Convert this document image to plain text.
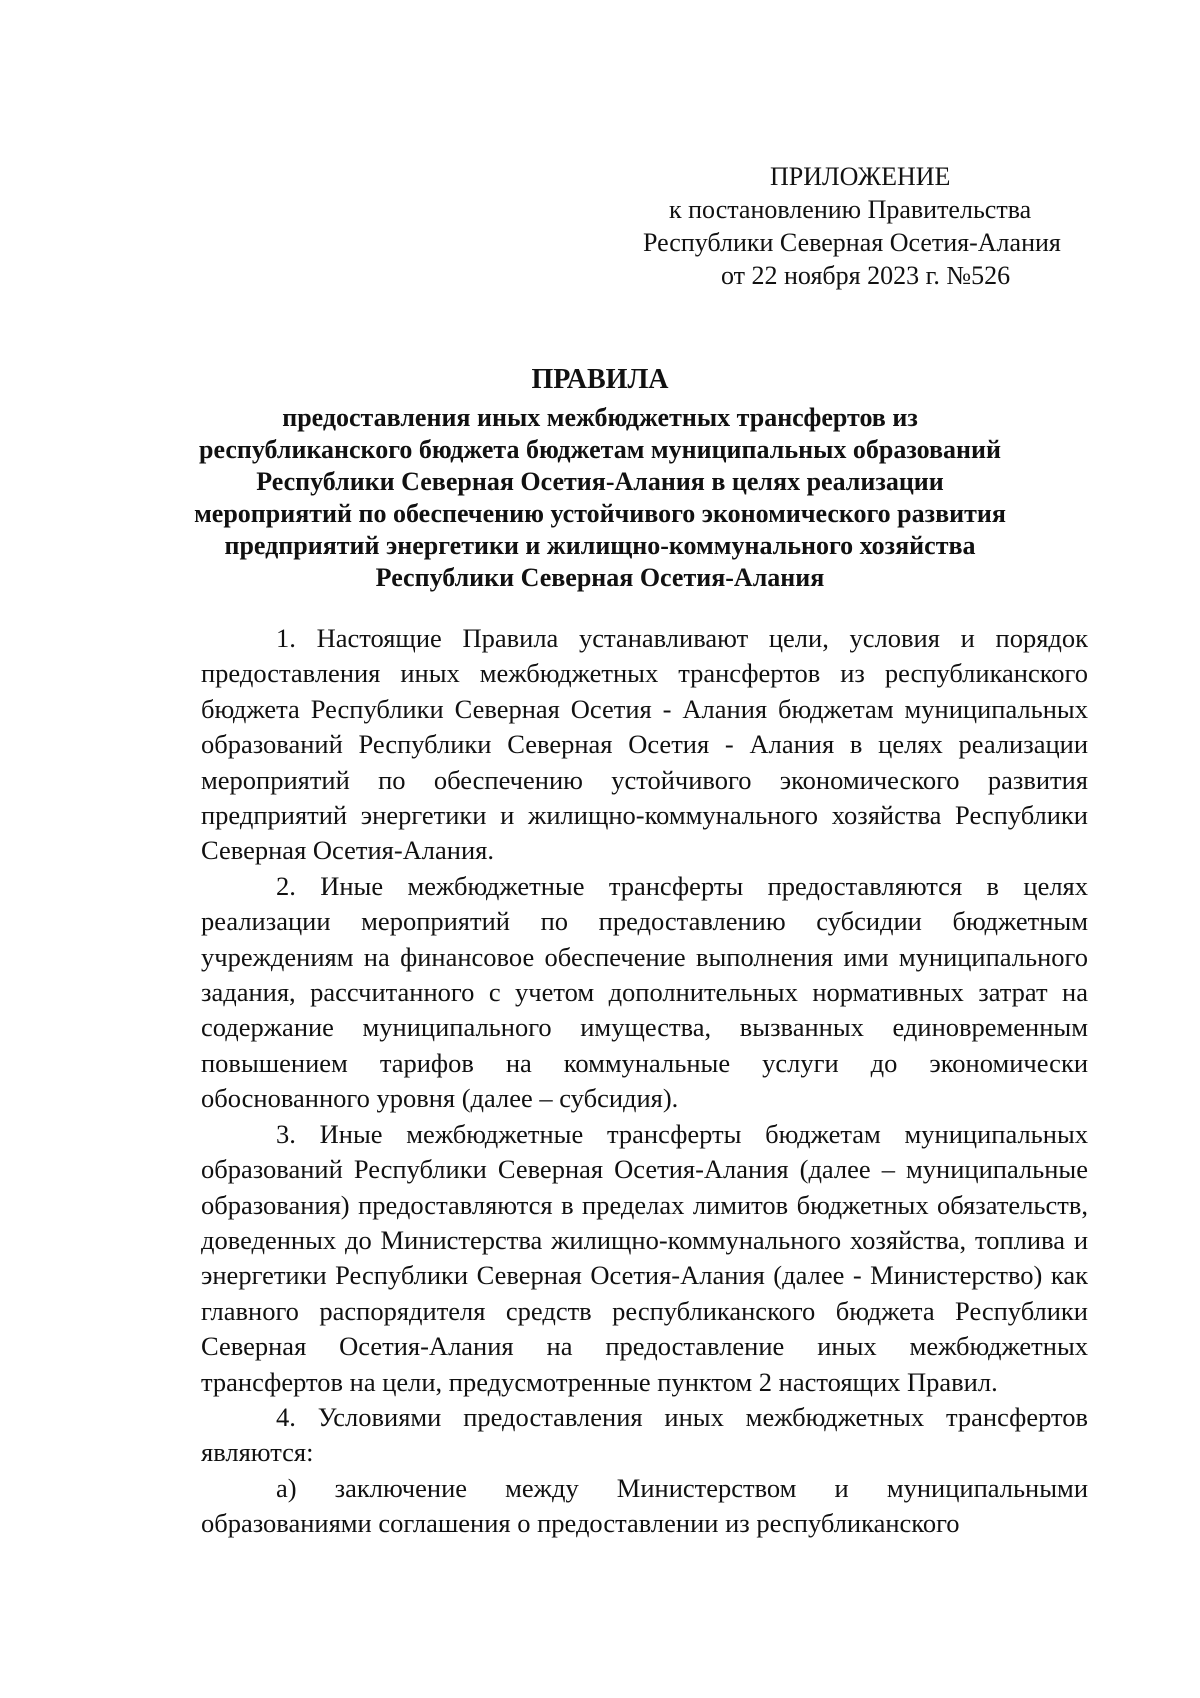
ПРИЛОЖЕНИЕ
к постановлению Правительства
Республики Северная Осетия-Алания
от 22 ноября 2023 г. №526
ПРАВИЛА
предоставления иных межбюджетных трансфертов из
республиканского бюджета бюджетам муниципальных образований
Республики Северная Осетия-Алания в целях реализации
мероприятий по обеспечению устойчивого экономического развития
предприятий энергетики и жилищно-коммунального хозяйства
Республики Северная Осетия-Алания

1. Настоящие Правила устанавливают цели, условия и порядок предоставления иных межбюджетных трансфертов из республиканского бюджета Республики Северная Осетия - Алания бюджетам муниципальных образований Республики Северная Осетия - Алания в целях реализации мероприятий по обеспечению устойчивого экономического развития предприятий энергетики и жилищно-коммунального хозяйства Республики Северная Осетия-Алания.

2. Иные межбюджетные трансферты предоставляются в целях реализации мероприятий по предоставлению субсидии бюджетным учреждениям на финансовое обеспечение выполнения ими муниципального задания, рассчитанного с учетом дополнительных нормативных затрат на содержание муниципального имущества, вызванных единовременным повышением тарифов на коммунальные услуги до экономически обоснованного уровня (далее – субсидия).

3. Иные межбюджетные трансферты бюджетам муниципальных образований Республики Северная Осетия-Алания (далее – муниципальные образования) предоставляются в пределах лимитов бюджетных обязательств, доведенных до Министерства жилищно-коммунального хозяйства, топлива и энергетики Республики Северная Осетия-Алания (далее - Министерство) как главного распорядителя средств республиканского бюджета Республики Северная Осетия-Алания на предоставление иных межбюджетных трансфертов на цели, предусмотренные пунктом 2 настоящих Правил.

4. Условиями предоставления иных межбюджетных трансфертов являются:

а) заключение между Министерством и муниципальными образованиями соглашения о предоставлении из республиканского
